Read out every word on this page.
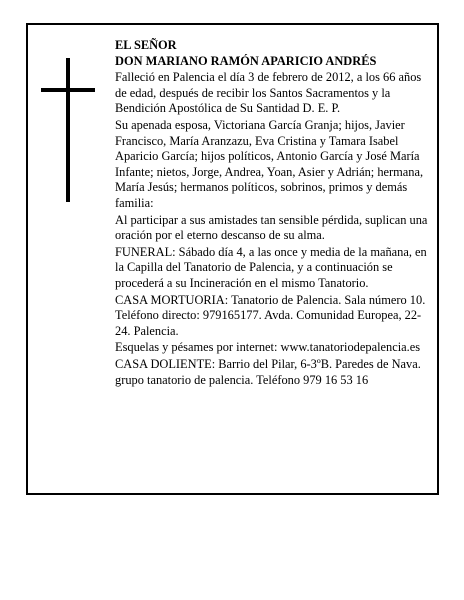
EL SEÑOR

DON MARIANO RAMÓN APARICIO ANDRÉS

Falleció en Palencia el día 3 de febrero de 2012, a los 66 años de edad, después de recibir los Santos Sacramentos y la Bendición Apostólica de Su Santidad D. E. P.

Su apenada esposa, Victoriana García Granja; hijos, Javier Francisco, María Aranzazu, Eva Cristina y Tamara Isabel Aparicio García; hijos políticos, Antonio García y José María Infante; nietos, Jorge, Andrea, Yoan, Asier y Adrián; hermana, María Jesús; hermanos políticos, sobrinos, primos y demás familia:

Al participar a sus amistades tan sensible pérdida, suplican una oración por el eterno descanso de su alma.

FUNERAL: Sábado día 4, a las once y media de la mañana, en la Capilla del Tanatorio de Palencia, y a continuación se procederá a su Incineración en el mismo Tanatorio.

CASA MORTUORIA: Tanatorio de Palencia. Sala número 10. Teléfono directo: 979165177. Avda. Comunidad Europea, 22-24. Palencia.

Esquelas y pésames por internet: www.tanatoriodepalencia.es

CASA DOLIENTE: Barrio del Pilar, 6-3ºB. Paredes de Nava.

grupo tanatorio de palencia. Teléfono 979 16 53 16
